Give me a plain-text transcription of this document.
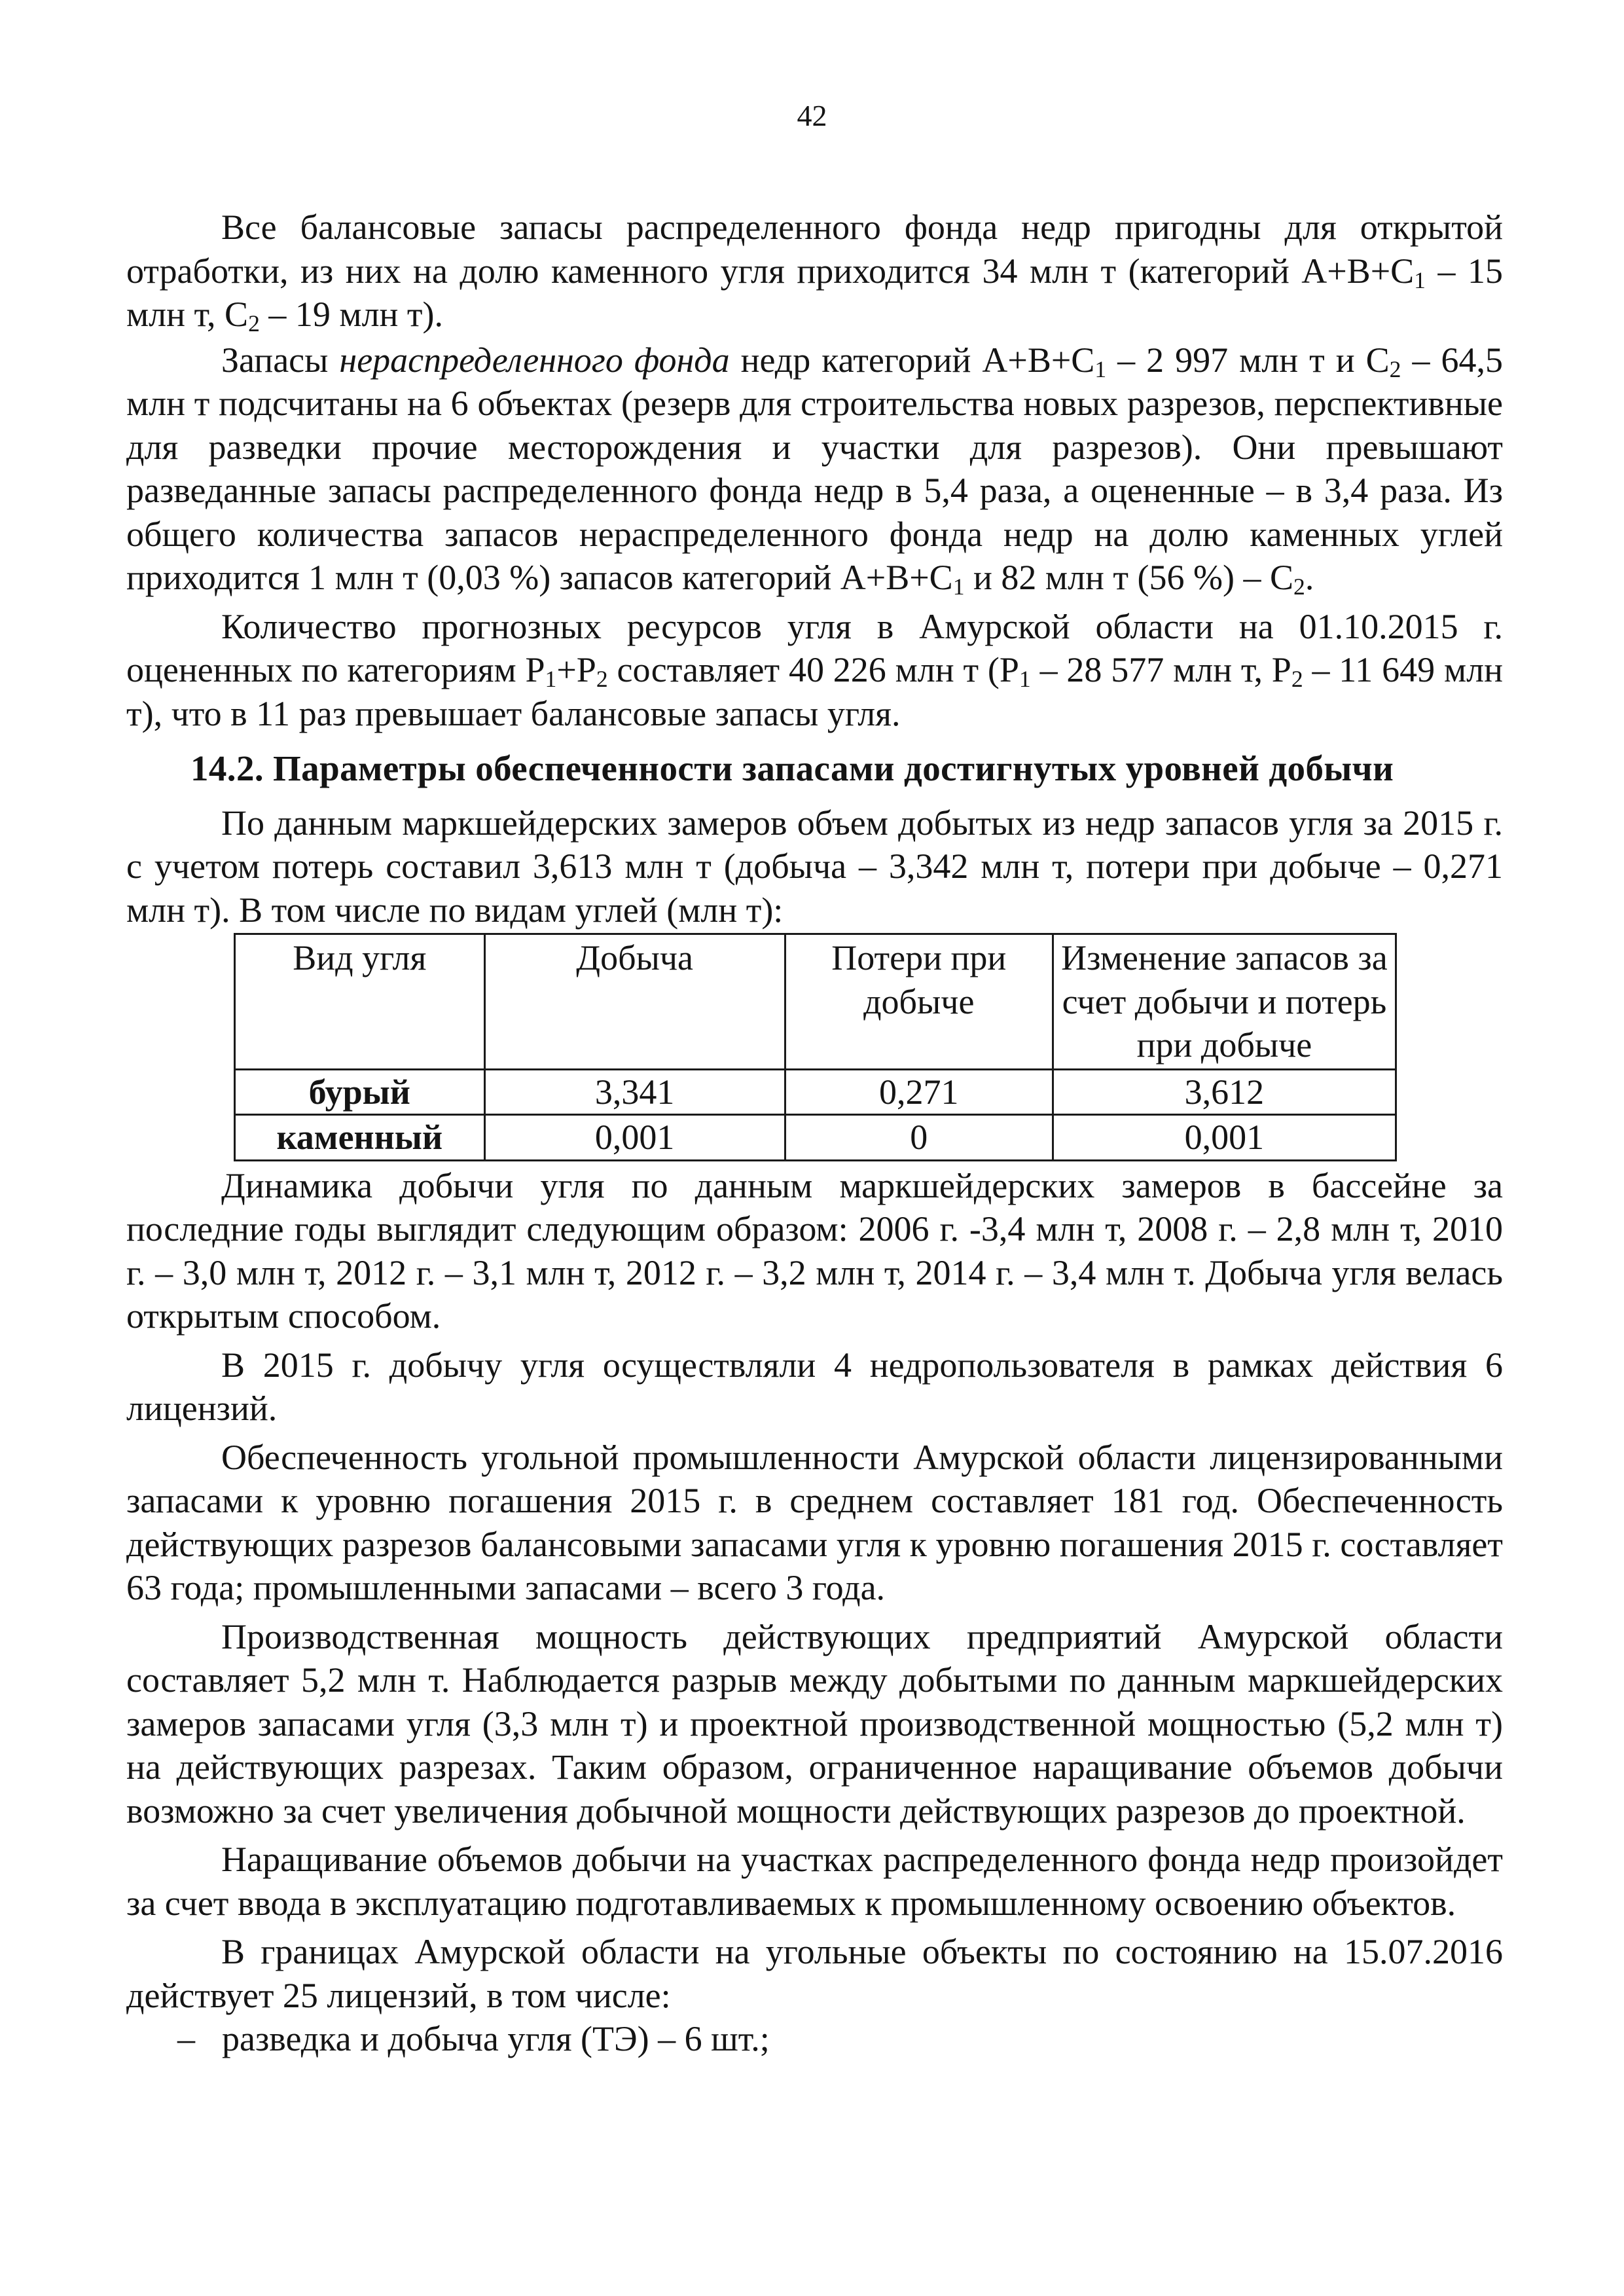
42

Все балансовые запасы распределенного фонда недр пригодны для открытой отработки, из них на долю каменного угля приходится 34 млн т (категорий $А+В+С_1 - 15$ млн т, $С_2 - 19$ млн т).

Запасы нераспределенного фонда недр категорий $А+В+С_1 - 2$ 997 млн т и $С_2 - 64,5$ млн т подсчитаны на 6 объектах (резерв для строительства новых разрезов, перспективные для разведки прочие месторождения и участки для разрезов). Они превышают разведанные запасы распределенного фонда недр в 5,4 раза, а оцененные – в 3,4 раза. Из общего количества запасов нераспределенного фонда недр на долю каменных углей приходится 1 млн т (0,03 %) запасов категорий $А+В+С_1$ и 82 млн т (56 %) – $С_2$.

Количество прогнозных ресурсов угля в Амурской области на 01.10.2015 г. оцененных по категориям $Р_1+Р_2$ составляет 40 226 млн т ($Р_1 - 28$ 577 млн т, $Р_2 - 11$ 649 млн т), что в 11 раз превышает балансовые запасы угля.

14.2. Параметры обеспеченности запасами достигнутых уровней добычи

По данным маркшейдерских замеров объем добытых из недр запасов угля за 2015 г. с учетом потерь составил 3,613 млн т (добыча – 3,342 млн т, потери при добыче – 0,271 млн т). В том числе по видам углей (млн т):

Вид угля	Добыча	Потери при добыче	Изменение запасов за счет добычи и потерь при добыче
бурый	3,341	0,271	3,612
каменный	0,001	0	0,001

Динамика добычи угля по данным маркшейдерских замеров в бассейне за последние годы выглядит следующим образом: 2006 г. -3,4 млн т, 2008 г. – 2,8 млн т, 2010 г. – 3,0 млн т, 2012 г. – 3,1 млн т, 2012 г. – 3,2 млн т, 2014 г. – 3,4 млн т. Добыча угля велась открытым способом.

В 2015 г. добычу угля осуществляли 4 недропользователя в рамках действия 6 лицензий.

Обеспеченность угольной промышленности Амурской области лицензированными запасами к уровню погашения 2015 г. в среднем составляет 181 год. Обеспеченность действующих разрезов балансовыми запасами угля к уровню погашения 2015 г. составляет 63 года; промышленными запасами – всего 3 года.

Производственная мощность действующих предприятий Амурской области составляет 5,2 млн т. Наблюдается разрыв между добытыми по данным маркшейдерских замеров запасами угля (3,3 млн т) и проектной производственной мощностью (5,2 млн т) на действующих разрезах. Таким образом, ограниченное наращивание объемов добычи возможно за счет увеличения добычной мощности действующих разрезов до проектной.

Наращивание объемов добычи на участках распределенного фонда недр произойдет за счет ввода в эксплуатацию подготавливаемых к промышленному освоению объектов.

В границах Амурской области на угольные объекты по состоянию на 15.07.2016 действует 25 лицензий, в том числе:

– разведка и добыча угля (ТЭ) – 6 шт.;
